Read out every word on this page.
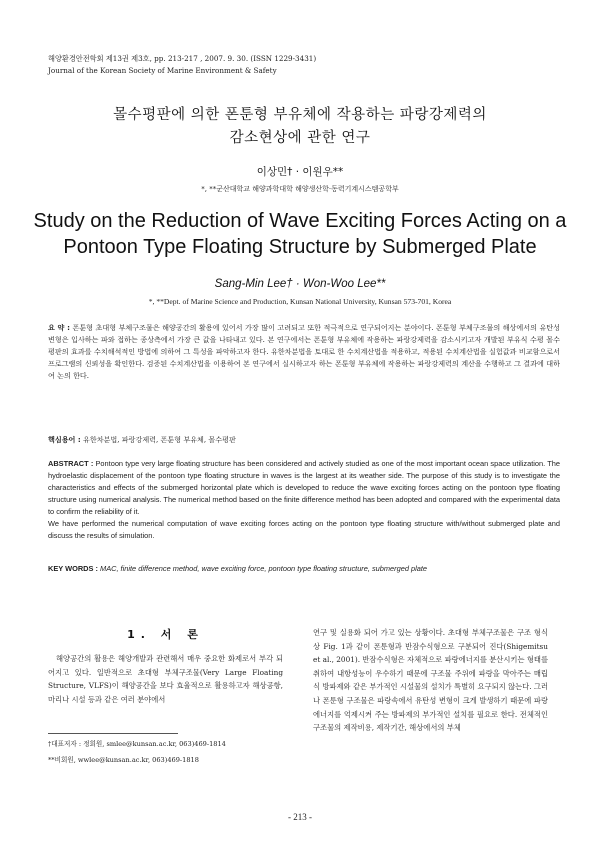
해양환경안전학회 제13권 제3호, pp. 213-217 , 2007. 9. 30. (ISSN 1229-3431)
Journal of the Korean Society of Marine Environment & Safety
몰수평판에 의한 폰툰형 부유체에 작용하는 파랑강제력의
감소현상에 관한 연구
이상민† · 이원우**
*, **군산대학교 해양과학대학 해양생산학·동력기계시스템공학부
Study on the Reduction of Wave Exciting Forces Acting on a
Pontoon Type Floating Structure by Submerged Plate
Sang-Min Lee† · Won-Woo Lee**
*, **Dept. of Marine Science and Production, Kunsan National University, Kunsan 573-701, Korea
요 약 : 폰툰형 초대형 부체구조물은 해양공간의 활용에 있어서 가장 많이 고려되고 또한 적극적으로 연구되어지는 분야이다. 폰툰형 부체구조물의 해상에서의 유탄성 변형은 입사하는 파와 접하는 종상측에서 가장 큰 값을 나타내고 있다. 본 연구에서는 폰툰형 부유체에 작용하는 파랑강제력을 감소시키고자 개발된 부유식 수평 몰수평판의 효과를 수치해석적인 방법에 의하여 그 특성을 파악하고자 한다. 유한차분법을 토대로 한 수치계산법을 적용하고, 적용된 수치계산법을 실험값과 비교함으로서 프로그램의 신뢰성을 확인한다. 검증된 수치계산법을 이용하여 본 연구에서 실시하고자 하는 폰툰형 부유체에 작용하는 파랑강제력의 계산을 수행하고 그 결과에 대하여 논의 한다.
핵심용어 : 유한차분법, 파랑강제력, 폰툰형 부유체, 몰수평판
ABSTRACT : Pontoon type very large floating structure has been considered and actively studied as one of the most important ocean space utilization. The hydroelastic displacement of the pontoon type floating structure in waves is the largest at its weather side. The purpose of this study is to investigate the characteristics and effects of the submerged horizontal plate which is developed to reduce the wave exciting forces acting on the pontoon type floating structure using numerical analysis. The numerical method based on the finite difference method has been adopted and compared with the experimental data to confirm the reliability of it.
We have performed the numerical computation of wave exciting forces acting on the pontoon type floating structure with/without submerged plate and discuss the results of simulation.
KEY WORDS : MAC, finite difference method, wave exciting force, pontoon type floating structure, submerged plate
1. 서 론
해양공간의 활용은 해양개발과 관련해서 매우 중요한 화제로서 부각 되어지고 있다. 일반적으로 초대형 부체구조물(Very Large Floating Structure, VLFS)이 해양공간을 보다 효율적으로 활용하고자 해상공항, 마리나 시설 등과 같은 여러 분야에서
연구 및 실용화 되어 가고 있는 상황이다. 초대형 부체구조물은 구조 형식상 Fig. 1과 같이 폰툰형과 반잠수식형으로 구분되어 진다(Shigemitsu et al., 2001). 반잠수식형은 자체적으로 파랑에너지를 분산시키는 형태를 취하여 내항성능이 우수하기 때문에 구조물 주위에 파랑을 막아주는 매립식 방파제와 같은 부가적인 시설물의 설치가 특별히 요구되지 않는다. 그러나 폰툰형 구조물은 파랑속에서 유탄성 변형이 크게 발생하기 때문에 파랑에너지를 억제시켜 주는 방파제의 부가적인 설치를 필요로 한다. 전체적인 구조물의 제작비용, 제작기간, 해상에서의 부체
†대표저자 : 정회원, smlee@kunsan.ac.kr, 063)469-1814
**비회원, wwlee@kunsan.ac.kr, 063)469-1818
- 213 -
